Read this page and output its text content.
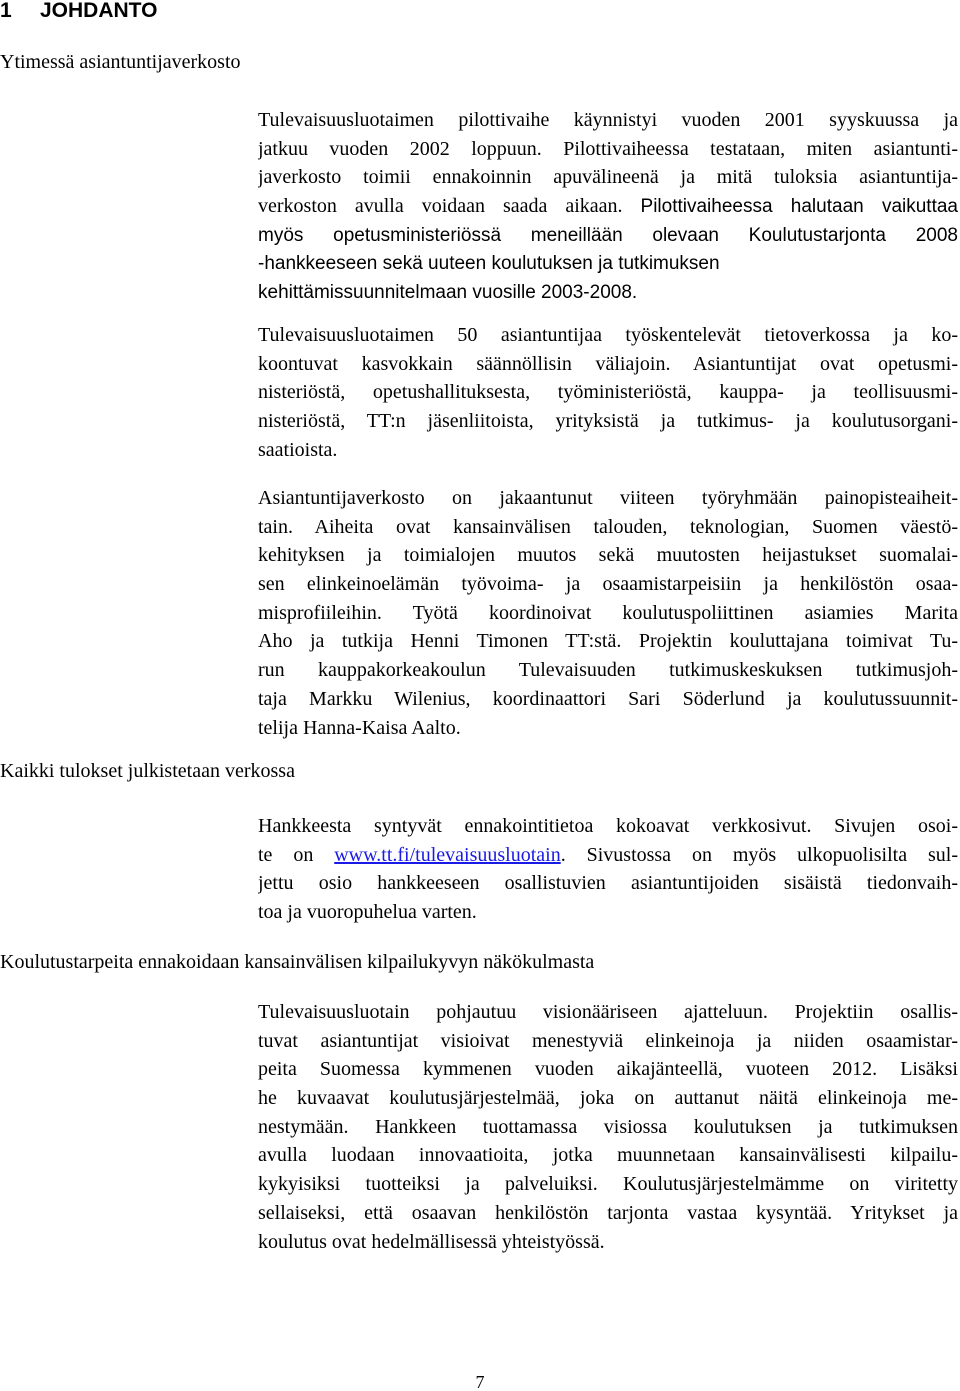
1 JOHDANTO
Ytimessä asiantuntijaverkosto
Tulevaisuusluotaimen pilottivaihe käynnistyi vuoden 2001 syyskuussa ja
jatkuu vuoden 2002 loppuun. Pilottivaiheessa testataan, miten asiantunti-
javerkosto toimii ennakoinnin apuvälineenä ja mitä tuloksia asiantuntija-
verkoston avulla voidaan saada aikaan. Pilottivaiheessa halutaan vaikuttaa
myös opetusministeriössä meneillään olevaan Koulutustarjonta 2008
-hankkeeseen sekä uuteen koulutuksen ja tutkimuksen
kehittämissuunnitelmaan vuosille 2003-2008.
Tulevaisuusluotaimen 50 asiantuntijaa työskentelevät tietoverkossa ja ko-
koontuvat kasvokkain säännöllisin väliajoin. Asiantuntijat ovat opetusmi-
nisteriöstä, opetushallituksesta, työministeriöstä, kauppa- ja teollisuusmi-
nisteriöstä, TT:n jäsenliitoista, yrityksistä ja tutkimus- ja koulutusorgani-
saatioista.
Asiantuntijaverkosto on jakaantunut viiteen työryhmään painopisteaiheit-
tain. Aiheita ovat kansainvälisen talouden, teknologian, Suomen väestö-
kehityksen ja toimialojen muutos sekä muutosten heijastukset suomalai-
sen elinkeinoelämän työvoima- ja osaamistarpeisiin ja henkilöstön osaa-
misprofiileihin. Työtä koordinoivat koulutuspoliittinen asiamies Marita
Aho ja tutkija Henni Timonen TT:stä. Projektin kouluttajana toimivat Tu-
run kauppakorkeakoulun Tulevaisuuden tutkimuskeskuksen tutkimusjoh-
taja Markku Wilenius, koordinaattori Sari Söderlund ja koulutussuunnit-
telija Hanna-Kaisa Aalto.
Kaikki tulokset julkistetaan verkossa
Hankkeesta syntyvät ennakointitietoa kokoavat verkkosivut. Sivujen osoi-
te on www.tt.fi/tulevaisuusluotain. Sivustossa on myös ulkopuolisilta sul-
jettu osio hankkeeseen osallistuvien asiantuntijoiden sisäistä tiedonvaih-
toa ja vuoropuhelua varten.
Koulutustarpeita ennakoidaan kansainvälisen kilpailukyvyn näkökulmasta
Tulevaisuusluotain pohjautuu visionääriseen ajatteluun. Projektiin osallis-
tuvat asiantuntijat visioivat menestyviä elinkeinoja ja niiden osaamistar-
peita Suomessa kymmenen vuoden aikajänteellä, vuoteen 2012. Lisäksi
he kuvaavat koulutusjärjestelmää, joka on auttanut näitä elinkeinoja me-
nestymään. Hankkeen tuottamassa visiossa koulutuksen ja tutkimuksen
avulla luodaan innovaatioita, jotka muunnetaan kansainvälisesti kilpailu-
kykyisiksi tuotteiksi ja palveluiksi. Koulutusjärjestelmämme on viritetty
sellaiseksi, että osaavan henkilöstön tarjonta vastaa kysyntää. Yritykset ja
koulutus ovat hedelmällisessä yhteistyössä.
7
